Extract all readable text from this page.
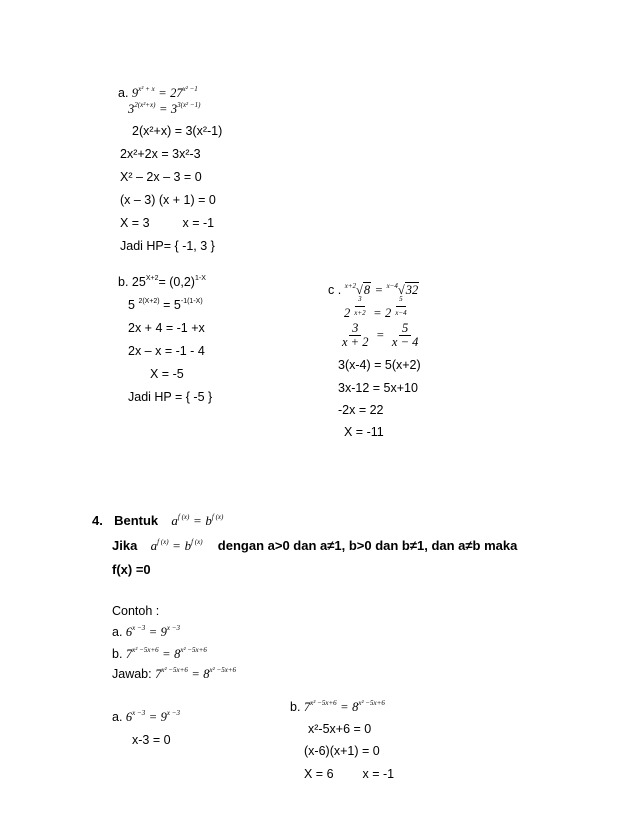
a. $9^{x^2 + x} = 27^{x^2 -1}$
$3^{2(x^2+x)} = 3^{3(x^2 -1)}$
2(x²+x) = 3(x²-1)
2x²+2x = 3x²-3
X² – 2x – 3 = 0
(x – 3) (x + 1) = 0
X = 3	x = -1
Jadi HP= { -1, 3 }
b. $25^{X+2}= (0,2)^{1-X}$
5 $^{2(X+2)} = 5^{-1(1-X)}$
2x + 4 = -1 +x
2x – x = -1 - 4
X = -5
Jadi HP = { -5 }
c . $^{x+2}$√8 = $^{x-4}$√32
$2 \frac{3}{x+2} = 2 \frac{5}{x-4}$
$\frac{3}{x + 2} = \frac{5}{x - 4}$
3(x-4) = 5(x+2)
3x-12 = 5x+10
-2x = 22
X = -11
4. Bentuk $a^{f (x)} = b^{f (x)}$
Jika $a^{f (x)} = b^{f (x)}$ dengan a>0 dan a≠1, b>0 dan b≠1, dan a≠b maka
f(x) =0
Contoh :
a. $6^{x -3} = 9^{x -3}$
b. $7^{x^2 -5x+6} = 8^{x^2 -5x+6}$
Jawab: $7^{x^2 -5x+6} = 8^{x^2 -5x+6}$
a. $6^{x -3} = 9^{x -3}$
x-3 = 0
b. $7^{x^2 -5x+6} = 8^{x^2 -5x+6}$
x²-5x+6 = 0
(x-6)(x+1) = 0
X = 6 x = -1
